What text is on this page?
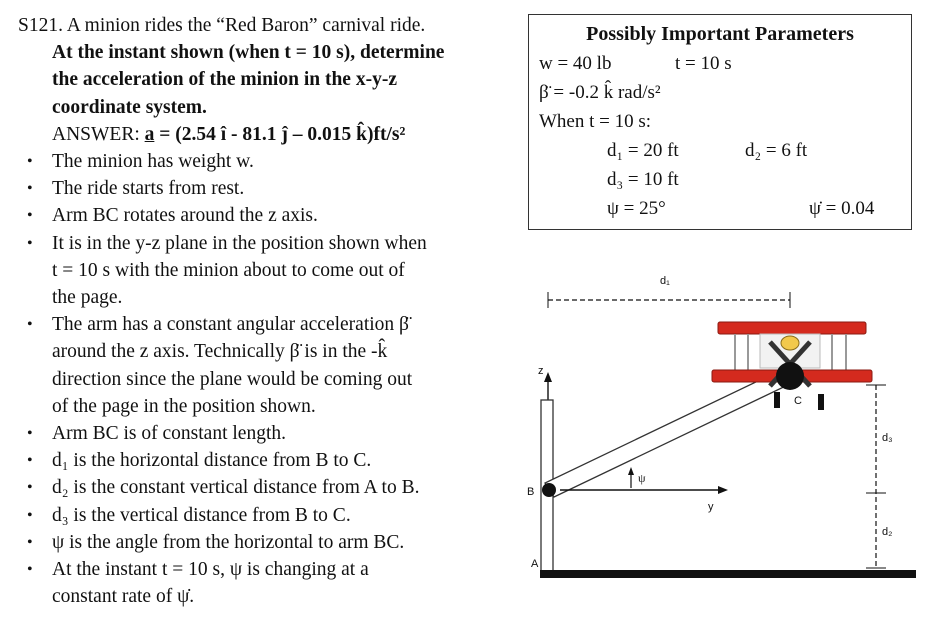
S121. A minion rides the “Red Baron” carnival ride.

At the instant shown (when t = 10 s), determine

the acceleration of the minion in the x-y-z

coordinate system.

ANSWER: a = (2.54 î - 81.1 ĵ – 0.015 k̂)ft/s²

• The minion has weight w.
• The ride starts from rest.
• Arm BC rotates around the z axis.
• It is in the y-z plane in the position shown when
t = 10 s with the minion about to come out of
the page.
• The arm has a constant angular acceleration β̈
around the z axis. Technically β̈ is in the -k̂
direction since the plane would be coming out
of the page in the position shown.
• Arm BC is of constant length.
• d₁ is the horizontal distance from B to C.
• d₂ is the constant vertical distance from A to B.
• d₃ is the vertical distance from B to C.
• ψ is the angle from the horizontal to arm BC.
• At the instant t = 10 s, ψ is changing at a
constant rate of ψ̇.
Possibly Important Parameters
w = 40 lb	t = 10 s
β̈ = -0.2 k̂ rad/s²
When t = 10 s:
d₁ = 20 ft	d₂ = 6 ft
d₃ = 10 ft
ψ = 25°	ψ̇ = 0.04
d₁
d₃
d₂
z
A
y
ψ
B
C
